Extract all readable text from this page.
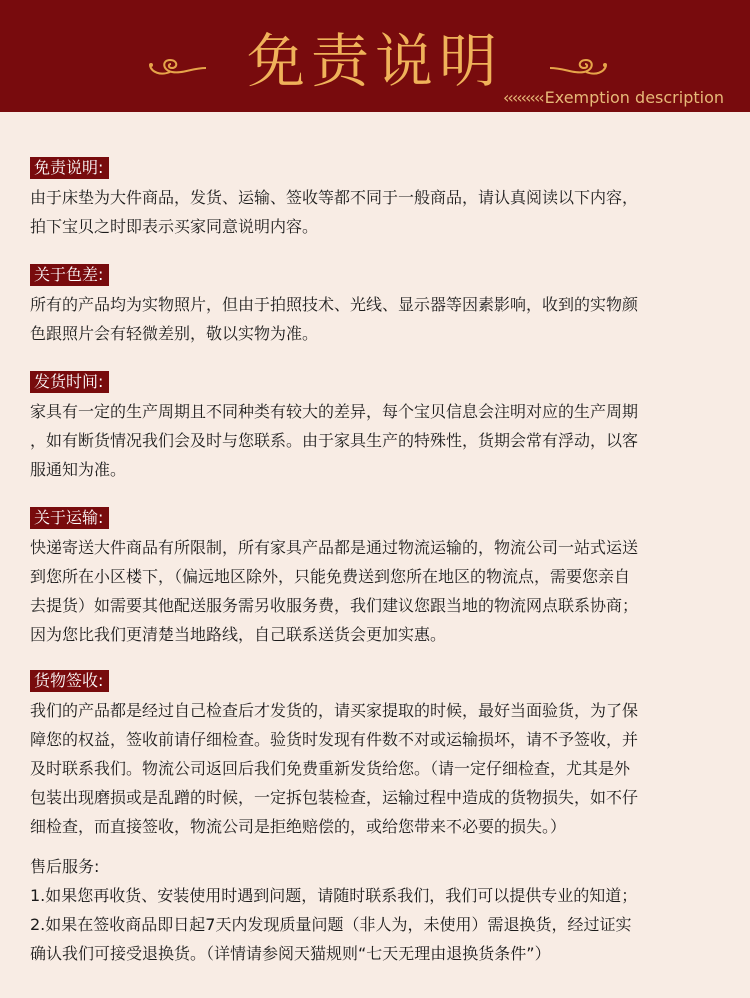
免责说明
‹‹‹‹‹‹‹‹‹ Exemption description
免责说明:
由于床垫为大件商品，发货、运输、签收等都不同于一般商品，请认真阅读以下内容，
拍下宝贝之时即表示买家同意说明内容。
关于色差:
所有的产品均为实物照片，但由于拍照技术、光线、显示器等因素影响，收到的实物颜
色跟照片会有轻微差别，敬以实物为准。
发货时间:
家具有一定的生产周期且不同种类有较大的差异，每个宝贝信息会注明对应的生产周期
，如有断货情况我们会及时与您联系。由于家具生产的特殊性，货期会常有浮动，以客
服通知为准。
关于运输:
快递寄送大件商品有所限制，所有家具产品都是通过物流运输的，物流公司一站式运送
到您所在小区楼下，（偏远地区除外，只能免费送到您所在地区的物流点，需要您亲自
去提货）如需要其他配送服务需另收服务费，我们建议您跟当地的物流网点联系协商；
因为您比我们更清楚当地路线，自己联系送货会更加实惠。
货物签收:
我们的产品都是经过自己检查后才发货的，请买家提取的时候，最好当面验货，为了保
障您的权益，签收前请仔细检查。验货时发现有件数不对或运输损坏，请不予签收，并
及时联系我们。物流公司返回后我们免费重新发货给您。（请一定仔细检查，尤其是外
包装出现磨损或是乱蹭的时候，一定拆包装检查，运输过程中造成的货物损失，如不仔
细检查，而直接签收，物流公司是拒绝赔偿的，或给您带来不必要的损失。）
售后服务:
1.如果您再收货、安装使用时遇到问题，请随时联系我们，我们可以提供专业的知道；
2.如果在签收商品即日起7天内发现质量问题（非人为，未使用）需退换货，经过证实
确认我们可接受退换货。（详情请参阅天猫规则“七天无理由退换货条件”）
